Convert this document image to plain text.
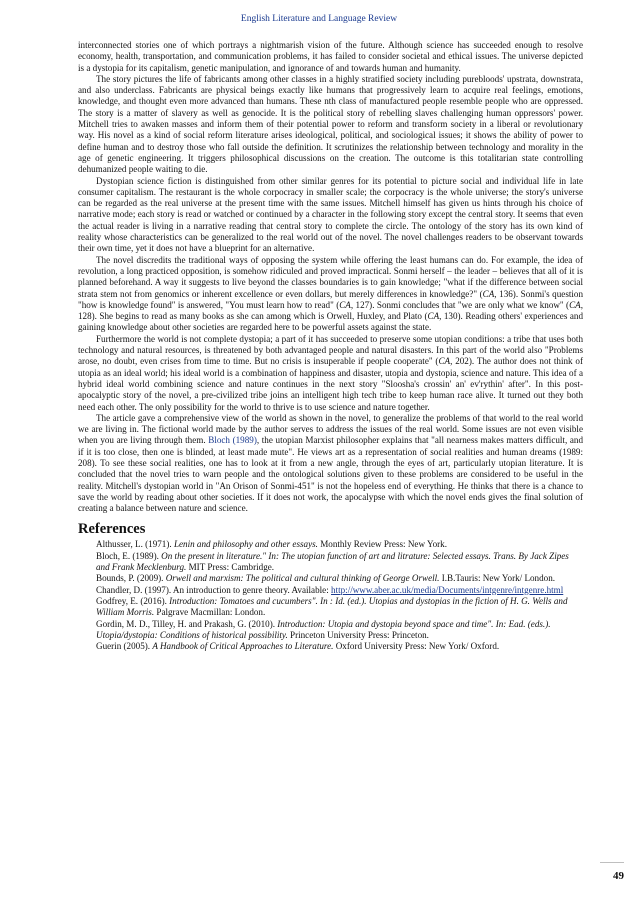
English Literature and Language Review

interconnected stories one of which portrays a nightmarish vision of the future. Although science has succeeded enough to resolve economy, health, transportation, and communication problems, it has failed to consider societal and ethical issues. The universe depicted is a dystopia for its capitalism, genetic manipulation, and ignorance of and towards human and humanity.

The story pictures the life of fabricants among other classes in a highly stratified society including purebloods' upstrata, downstrata, and also underclass. Fabricants are physical beings exactly like humans that progressively learn to acquire real feelings, emotions, knowledge, and thought even more advanced than humans. These nth class of manufactured people resemble people who are oppressed. The story is a matter of slavery as well as genocide. It is the political story of rebelling slaves challenging human oppressors' power. Mitchell tries to awaken masses and inform them of their potential power to reform and transform society in a liberal or revolutionary way. His novel as a kind of social reform literature arises ideological, political, and sociological issues; it shows the ability of power to define human and to destroy those who fall outside the definition. It scrutinizes the relationship between technology and morality in the age of genetic engineering. It triggers philosophical discussions on the creation. The outcome is this totalitarian state controlling dehumanized people waiting to die.

Dystopian science fiction is distinguished from other similar genres for its potential to picture social and individual life in late consumer capitalism. The restaurant is the whole corpocracy in smaller scale; the corpocracy is the whole universe; the story's universe can be regarded as the real universe at the present time with the same issues. Mitchell himself has given us hints through his choice of narrative mode; each story is read or watched or continued by a character in the following story except the central story. It seems that even the actual reader is living in a narrative reading that central story to complete the circle. The ontology of the story has its own kind of reality whose characteristics can be generalized to the real world out of the novel. The novel challenges readers to be observant towards their own time, yet it does not have a blueprint for an alternative.

The novel discredits the traditional ways of opposing the system while offering the least humans can do. For example, the idea of revolution, a long practiced opposition, is somehow ridiculed and proved impractical. Sonmi herself – the leader – believes that all of it is planned beforehand. A way it suggests to live beyond the classes boundaries is to gain knowledge; "what if the difference between social strata stem not from genomics or inherent excellence or even dollars, but merely differences in knowledge?" (CA, 136). Sonmi's question "how is knowledge found" is answered, "You must learn how to read" (CA, 127). Sonmi concludes that "we are only what we know" (CA, 128). She begins to read as many books as she can among which is Orwell, Huxley, and Plato (CA, 130). Reading others' experiences and gaining knowledge about other societies are regarded here to be powerful assets against the state.

Furthermore the world is not complete dystopia; a part of it has succeeded to preserve some utopian conditions: a tribe that uses both technology and natural resources, is threatened by both advantaged people and natural disasters. In this part of the world also "Problems arose, no doubt, even crises from time to time. But no crisis is insuperable if people cooperate" (CA, 202). The author does not think of utopia as an ideal world; his ideal world is a combination of happiness and disaster, utopia and dystopia, science and nature. This idea of a hybrid ideal world combining science and nature continues in the next story "Sloosha's crossin' an' ev'rythin' after". In this post-apocalyptic story of the novel, a pre-civilized tribe joins an intelligent high tech tribe to keep human race alive. It turned out they both need each other. The only possibility for the world to thrive is to use science and nature together.

The article gave a comprehensive view of the world as shown in the novel, to generalize the problems of that world to the real world we are living in. The fictional world made by the author serves to address the issues of the real world. Some issues are not even visible when you are living through them. Bloch (1989), the utopian Marxist philosopher explains that "all nearness makes matters difficult, and if it is too close, then one is blinded, at least made mute". He views art as a representation of social realities and human dreams (1989: 208). To see these social realities, one has to look at it from a new angle, through the eyes of art, particularly utopian literature. It is concluded that the novel tries to warn people and the ontological solutions given to these problems are considered to be useful in the reality. Mitchell's dystopian world in "An Orison of Sonmi-451" is not the hopeless end of everything. He thinks that there is a chance to save the world by reading about other societies. If it does not work, the apocalypse with which the novel ends gives the final solution of creating a balance between nature and science.

References

Althusser, L. (1971). Lenin and philosophy and other essays. Monthly Review Press: New York.

Bloch, E. (1989). On the present in literature." In: The utopian function of art and litrature: Selected essays. Trans. By Jack Zipes and Frank Mecklenburg. MIT Press: Cambridge.

Bounds, P. (2009). Orwell and marxism: The political and cultural thinking of George Orwell. I.B.Tauris: New York/ London.

Chandler, D. (1997). An introduction to genre theory. Available: http://www.aber.ac.uk/media/Documents/intgenre/intgenre.html

Godfrey, E. (2016). Introduction: Tomatoes and cucumbers". In : Id. (ed.). Utopias and dystopias in the fiction of H. G. Wells and William Morris. Palgrave Macmillan: London.

Gordin, M. D., Tilley, H. and Prakash, G. (2010). Introduction: Utopia and dystopia beyond space and time". In: Ead. (eds.). Utopia/dystopia: Conditions of historical possibility. Princeton University Press: Princeton.

Guerin (2005). A Handbook of Critical Approaches to Literature. Oxford University Press: New York/ Oxford.

49
